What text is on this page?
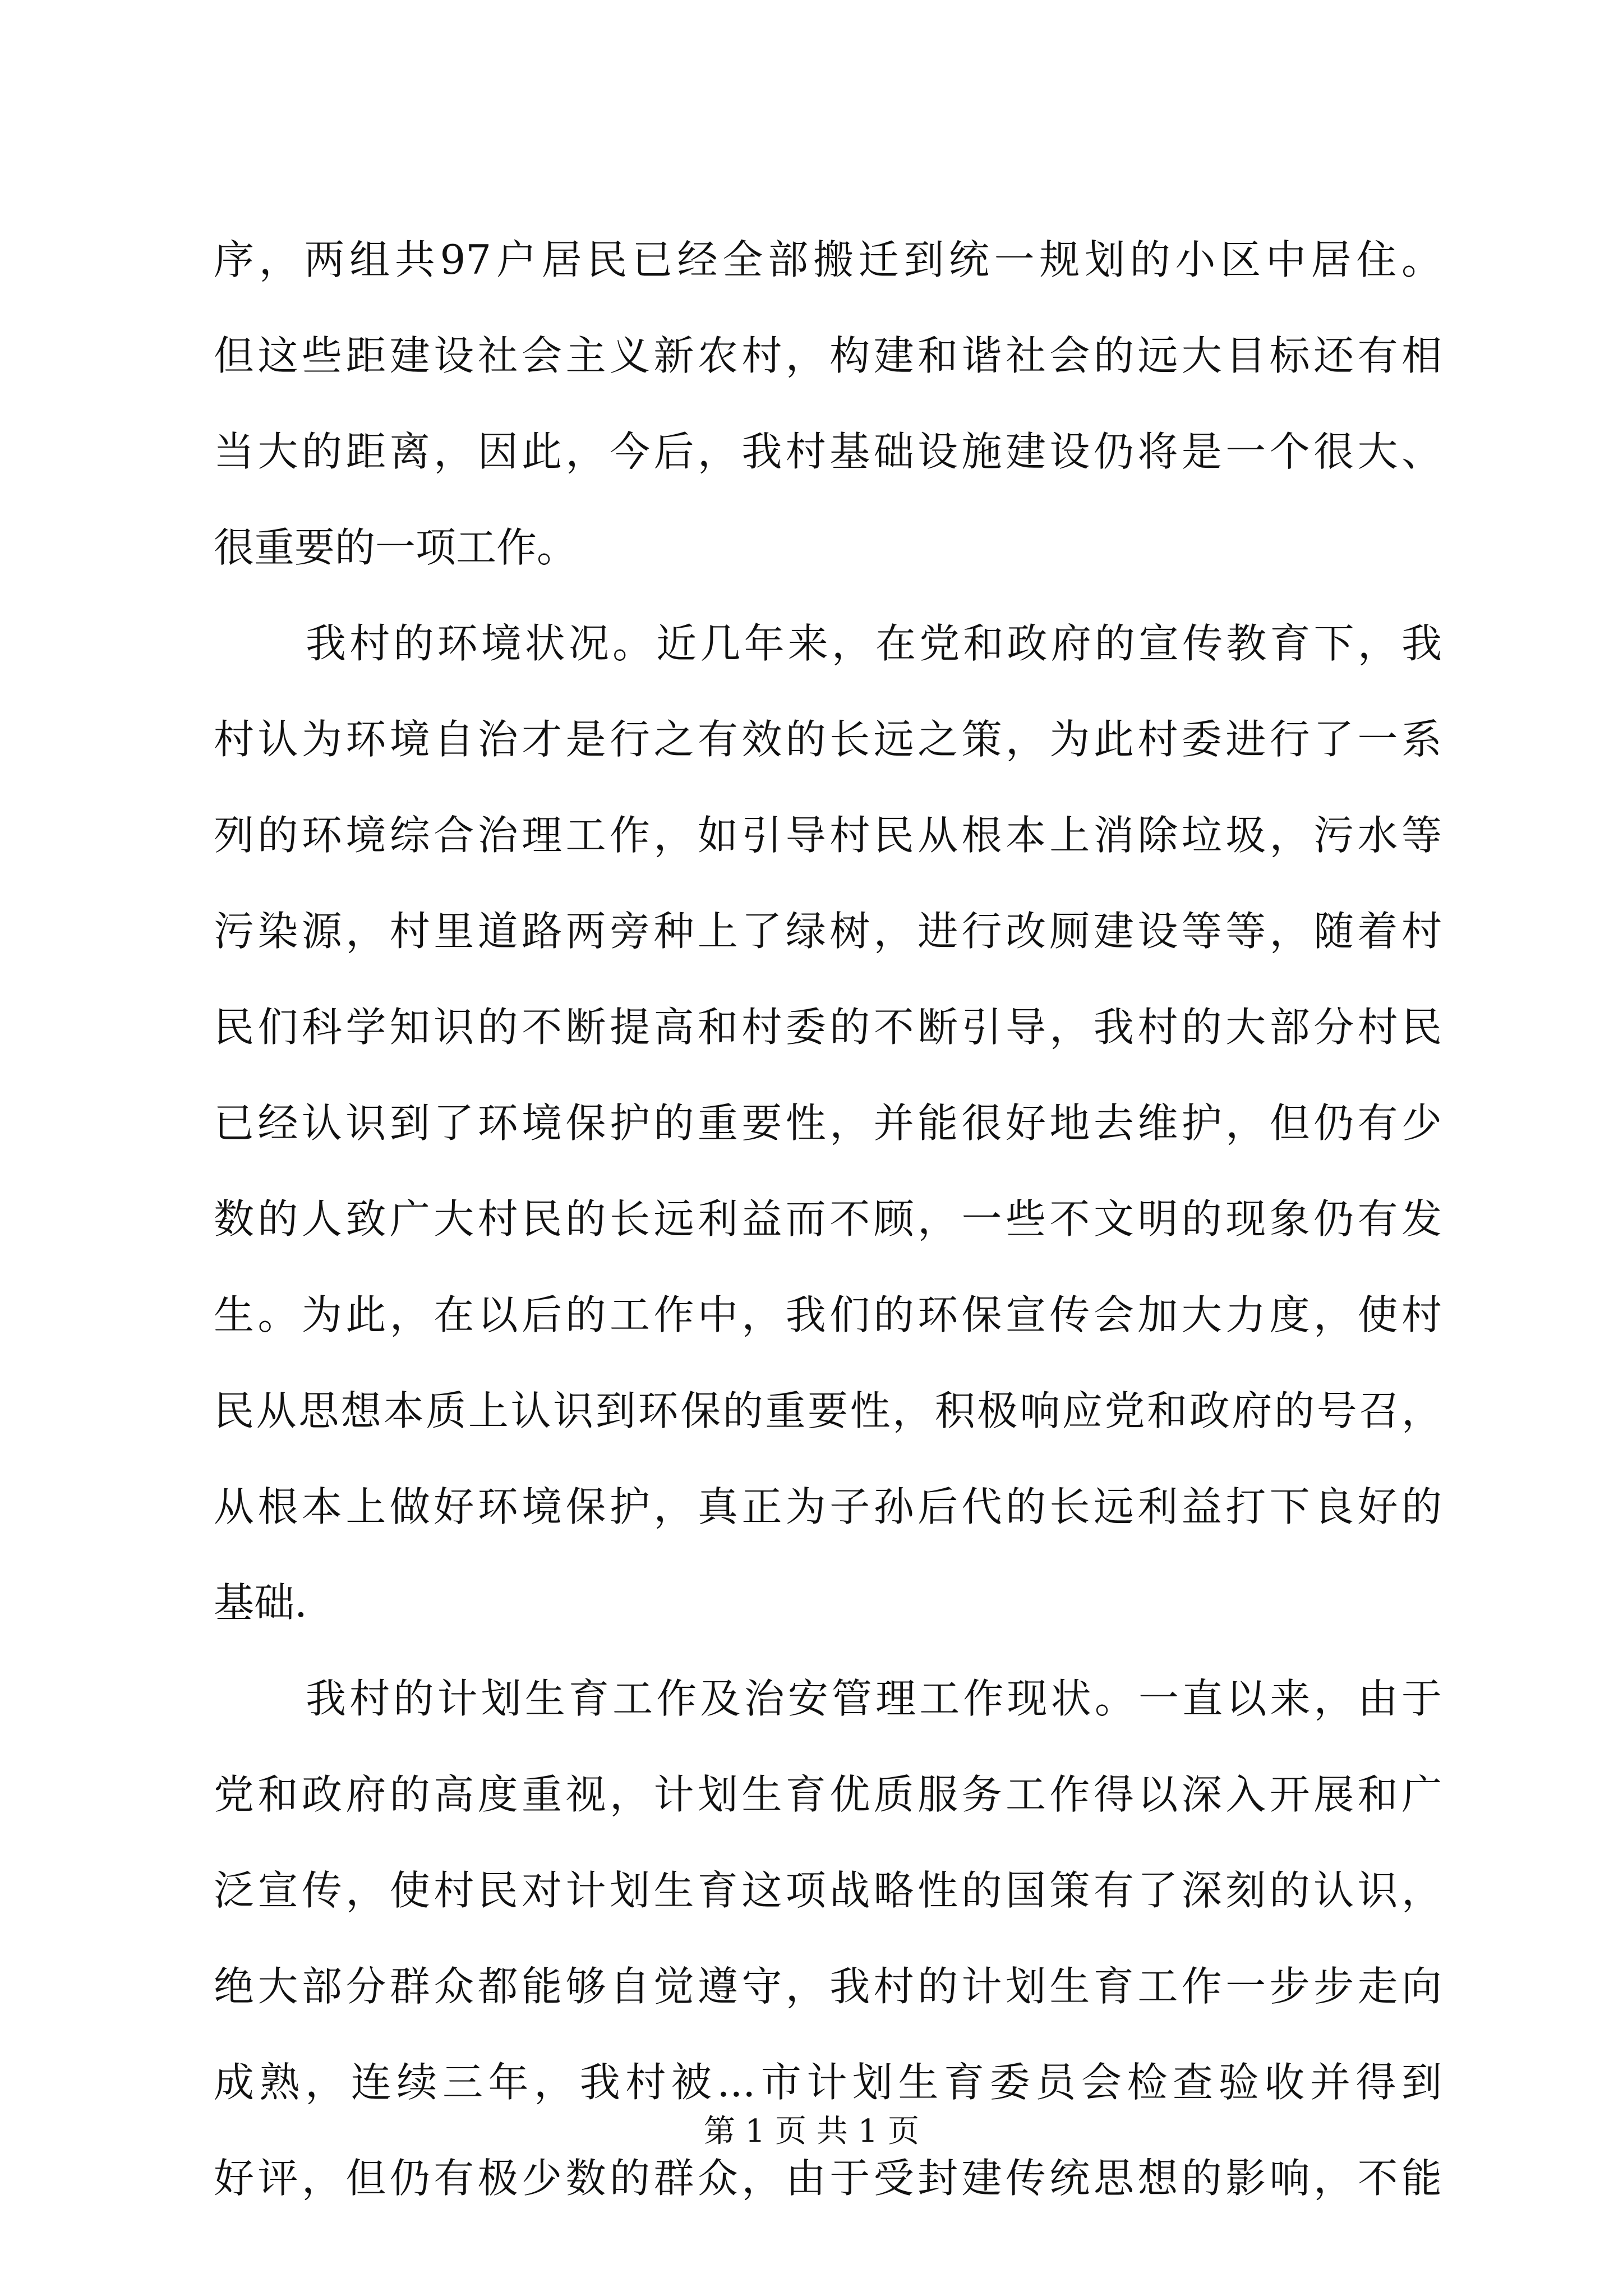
序，两组共97户居民已经全部搬迁到统一规划的小区中居住。
但这些距建设社会主义新农村，构建和谐社会的远大目标还有相
当大的距离，因此，今后，我村基础设施建设仍将是一个很大、
很重要的一项工作。
我村的环境状况。近几年来，在党和政府的宣传教育下，我
村认为环境自治才是行之有效的长远之策，为此村委进行了一系
列的环境综合治理工作，如引导村民从根本上消除垃圾，污水等
污染源，村里道路两旁种上了绿树，进行改厕建设等等，随着村
民们科学知识的不断提高和村委的不断引导，我村的大部分村民
已经认识到了环境保护的重要性，并能很好地去维护，但仍有少
数的人致广大村民的长远利益而不顾，一些不文明的现象仍有发
生。为此，在以后的工作中，我们的环保宣传会加大力度，使村
民从思想本质上认识到环保的重要性，积极响应党和政府的号召，
从根本上做好环境保护，真正为子孙后代的长远利益打下良好的
基础.
我村的计划生育工作及治安管理工作现状。一直以来，由于
党和政府的高度重视，计划生育优质服务工作得以深入开展和广
泛宣传，使村民对计划生育这项战略性的国策有了深刻的认识，
绝大部分群众都能够自觉遵守，我村的计划生育工作一步步走向
成熟，连续三年，我村被...市计划生育委员会检查验收并得到
好评，但仍有极少数的群众，由于受封建传统思想的影响，不能
第 1 页 共 1 页
